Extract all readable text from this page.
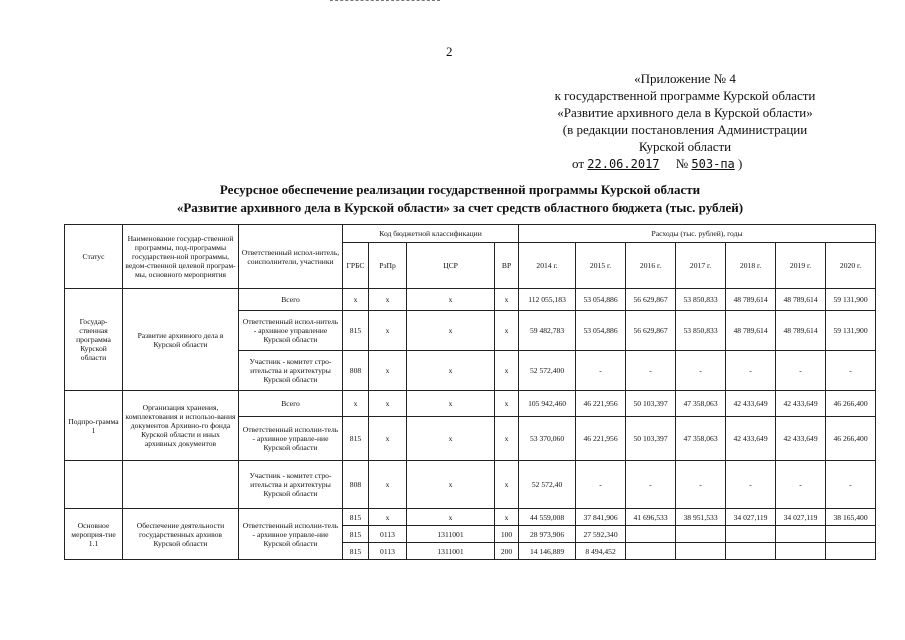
2
«Приложение № 4
к государственной программе Курской области
«Развитие архивного дела в Курской области»
(в редакции постановления Администрации
Курской области
от 22.06.2017 № 503-па )
Ресурсное обеспечение реализации государственной программы Курской области
«Развитие архивного дела в Курской области» за счет средств областного бюджета (тыс. рублей)
Статус	Наименование государ-ственной программы, под-программы государствен-ной программы, ведом-ственной целевой програм-мы, основного мероприятия	Ответственный испол-нитель, соисполнители, участники	Код бюджетной классификации				Расходы (тыс. рублей), годы						
			ГРБС	РзПр	ЦСР	ВР	2014 г.	2015 г.	2016 г.	2017 г.	2018 г.	2019 г.	2020 г.
Государ-ственная программа Курской области	Развитие архивного дела в Курской области	Всего	х	х	х	х	112 055,183	53 054,886	56 629,867	53 850,833	48 789,614	48 789,614	59 131,900
		Ответственный испол-нитель - архивное управление Курской области	815	х	х	х	59 482,783	53 054,886	56 629,867	53 850,833	48 789,614	48 789,614	59 131,900
		Участник - комитет стро-ительства и архитектуры Курской области	808	х	х	х	52 572,400	-	-	-	-	-	-
Подпро-грамма 1	Организация хранения, комплектования и использо-вания документов Архивно-го фонда Курской области и иных архивных документов	Всего	х	х	х	х	105 942,460	46 221,956	50 103,397	47 358,063	42 433,649	42 433,649	46 266,400
		Ответственный исполни-тель - архивное управле-ние Курской области	815	х	х	х	53 370,060	46 221,956	50 103,397	47 358,063	42 433,649	42 433,649	46 266,400
		Участник - комитет стро-ительства и архитектуры Курской области	808	х	х	х	52 572,40	-	-	-	-	-	-
Основное мероприя-тие 1.1	Обеспечение деятельности государственных архивов Курской области	Ответственный исполни-тель - архивное управле-ние Курской области	815	х	х	х	44 559,008	37 841,906	41 696,533	38 951,533	34 027,119	34 027,119	38 165,400
			815	0113	1311001	100	28 973,906	27 592,340					
			815	0113	1311001	200	14 146,889	8 494,452					
